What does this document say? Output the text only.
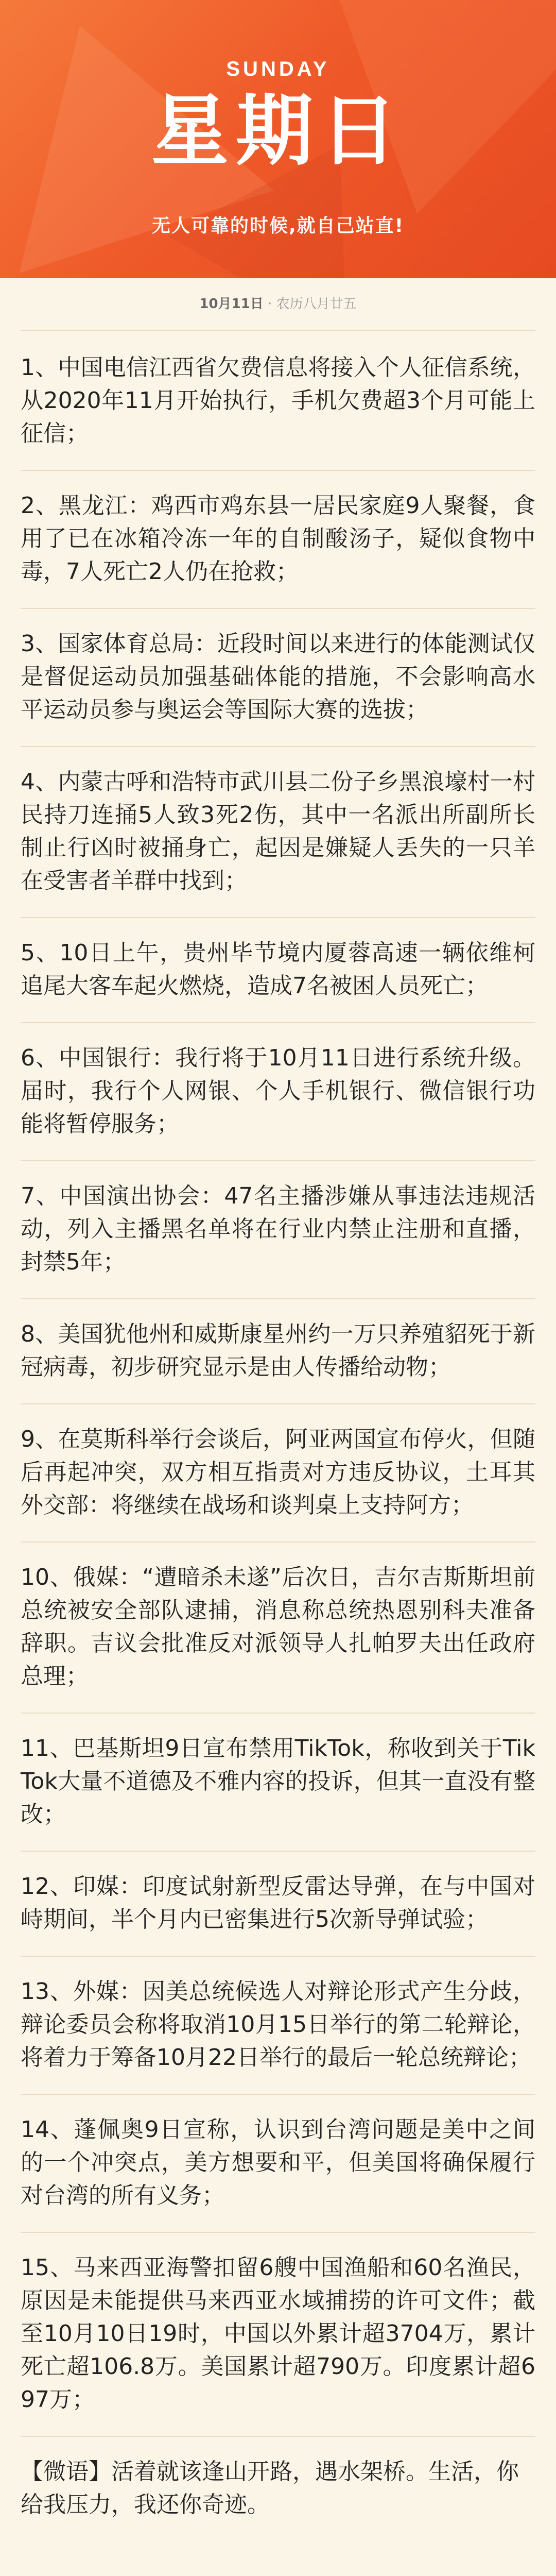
SUNDAY
星期日
无人可靠的时候,就自己站直!
10月11日 · 农历八月廿五
1、中国电信江西省欠费信息将接入个人征信系统，从2020年11月开始执行，手机欠费超3个月可能上征信；
2、黑龙江：鸡西市鸡东县一居民家庭9人聚餐，食用了已在冰箱冷冻一年的自制酸汤子，疑似食物中毒，7人死亡2人仍在抢救；
3、国家体育总局：近段时间以来进行的体能测试仅是督促运动员加强基础体能的措施，不会影响高水平运动员参与奥运会等国际大赛的选拔；
4、内蒙古呼和浩特市武川县二份子乡黑浪壕村一村民持刀连捅5人致3死2伤，其中一名派出所副所长制止行凶时被捅身亡，起因是嫌疑人丢失的一只羊在受害者羊群中找到；
5、10日上午，贵州毕节境内厦蓉高速一辆依维柯追尾大客车起火燃烧，造成7名被困人员死亡；
6、中国银行：我行将于10月11日进行系统升级。届时，我行个人网银、个人手机银行、微信银行功能将暂停服务；
7、中国演出协会：47名主播涉嫌从事违法违规活动，列入主播黑名单将在行业内禁止注册和直播，封禁5年；
8、美国犹他州和威斯康星州约一万只养殖貂死于新冠病毒，初步研究显示是由人传播给动物；
9、在莫斯科举行会谈后，阿亚两国宣布停火，但随后再起冲突，双方相互指责对方违反协议，土耳其外交部：将继续在战场和谈判桌上支持阿方；
10、俄媒：“遭暗杀未遂”后次日，吉尔吉斯斯坦前总统被安全部队逮捕，消息称总统热恩别科夫准备辞职。吉议会批准反对派领导人扎帕罗夫出任政府总理；
11、巴基斯坦9日宣布禁用TikTok，称收到关于TikTok大量不道德及不雅内容的投诉，但其一直没有整改；
12、印媒：印度试射新型反雷达导弹，在与中国对峙期间，半个月内已密集进行5次新导弹试验；
13、外媒：因美总统候选人对辩论形式产生分歧，辩论委员会称将取消10月15日举行的第二轮辩论，将着力于筹备10月22日举行的最后一轮总统辩论；
14、蓬佩奥9日宣称，认识到台湾问题是美中之间的一个冲突点，美方想要和平，但美国将确保履行对台湾的所有义务；
15、马来西亚海警扣留6艘中国渔船和60名渔民，原因是未能提供马来西亚水域捕捞的许可文件；截至10月10日19时，中国以外累计超3704万，累计死亡超106.8万。美国累计超790万。印度累计超697万；
【微语】活着就该逢山开路，遇水架桥。生活，你给我压力，我还你奇迹。
